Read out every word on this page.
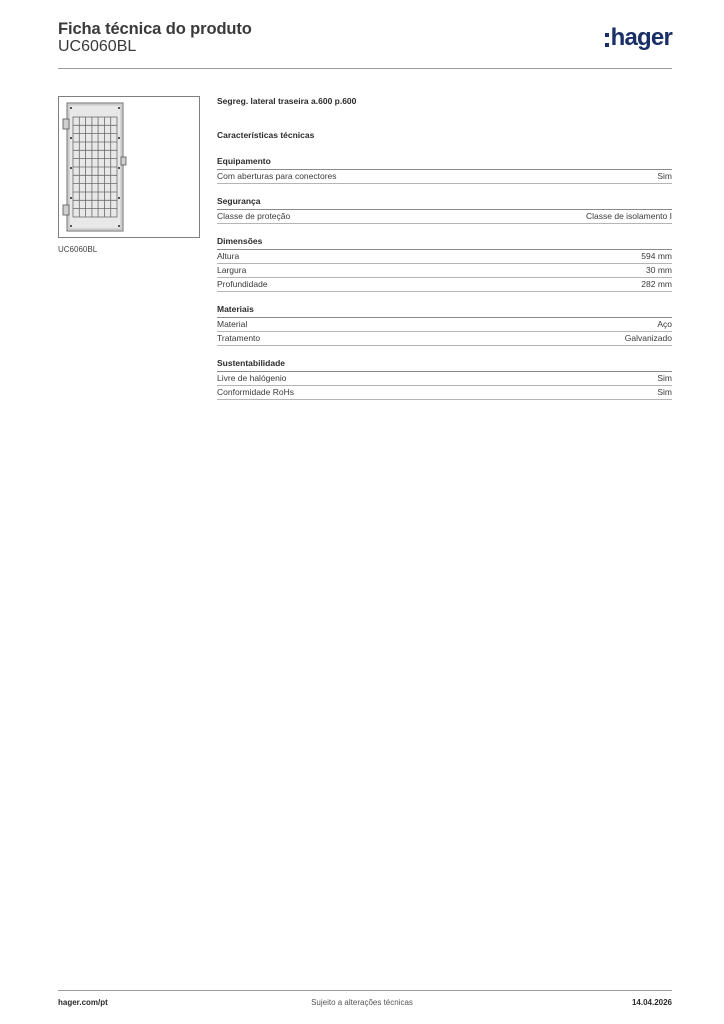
Ficha técnica do produto
UC6060BL	hager
UC6060BL
Segreg. lateral traseira a.600 p.600
Características técnicas
Equipamento
Com aberturas para conectores	Sim
Segurança
Classe de proteção	Classe de isolamento I
Dimensões
Altura	594 mm
Largura	30 mm
Profundidade	282 mm
Materiais
Material	Aço
Tratamento	Galvanizado
Sustentabilidade
Livre de halógenio	Sim
Conformidade RoHs	Sim
hager.com/pt	Sujeito a alterações técnicas	14.04.2026
